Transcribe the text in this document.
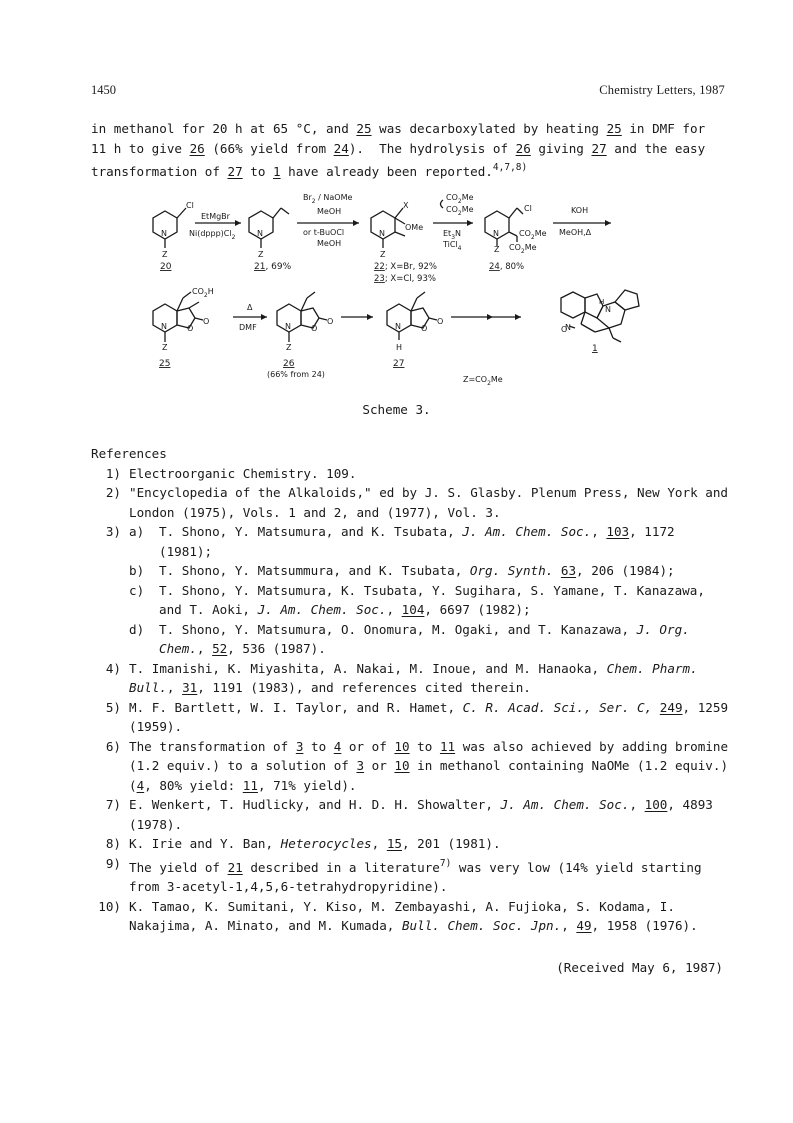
1450	Chemistry Letters, 1987
in methanol for 20 h at 65 °C, and 25 was decarboxylated by heating 25 in DMF for
11 h to give 26 (66% yield from 24).  The hydrolysis of 26 giving 27 and the easy
transformation of 27 to 1 have already been reported.$^{4,7,8)}$
N
Z
Cl
20
EtMgBr
$Ni(dppp)Cl_2$	N
Z
21, 69%
$Br_2$ / NaOMe
MeOH
or t-BuOCl
MeOH
N
Z
X
OMe
22; X=Br, 92%
23; X=Cl, 93%
$CO_2Me$
$CO_2Me$
$Et_3N$
TiCl$_4$
N
Z
Cl
$CO_2Me$
$CO_2Me$
24, 80%
KOH
MeOH,Δ
N
Z
O
O
$CO_2H$
25
Δ
DMF	N
Z
O
O
26
(66% from 24)
N
H
O
O
27
N
O
N
H
1
$Z=CO_2Me$
Scheme 3.
References
1) Electroorganic Chemistry. 109.
2) "Encyclopedia of the Alkaloids," ed by J. S. Glasby. Plenum Press, New York and London (1975), Vols. 1 and 2, and (1977), Vol. 3.
3) a) T. Shono, Y. Matsumura, and K. Tsubata, J. Am. Chem. Soc., 103, 1172 (1981);
b) T. Shono, Y. Matsummura, and K. Tsubata, Org. Synth. 63, 206 (1984);
c) T. Shono, Y. Matsumura, K. Tsubata, Y. Sugihara, S. Yamane, T. Kanazawa, and T. Aoki, J. Am. Chem. Soc., 104, 6697 (1982);
d) T. Shono, Y. Matsumura, O. Onomura, M. Ogaki, and T. Kanazawa, J. Org. Chem., 52, 536 (1987).
4) T. Imanishi, K. Miyashita, A. Nakai, M. Inoue, and M. Hanaoka, Chem. Pharm. Bull., 31, 1191 (1983), and references cited therein.
5) M. F. Bartlett, W. I. Taylor, and R. Hamet, C. R. Acad. Sci., Ser. C, 249, 1259 (1959).
6) The transformation of 3 to 4 or of 10 to 11 was also achieved by adding bromine (1.2 equiv.) to a solution of 3 or 10 in methanol containing NaOMe (1.2 equiv.) (4, 80% yield: 11, 71% yield).
7) E. Wenkert, T. Hudlicky, and H. D. H. Showalter, J. Am. Chem. Soc., 100, 4893 (1978).
8) K. Irie and Y. Ban, Heterocycles, 15, 201 (1981).
9) The yield of 21 described in a literature$^{7)}$ was very low (14% yield starting from 3-acetyl-1,4,5,6-tetrahydropyridine).
10) K. Tamao, K. Sumitani, Y. Kiso, M. Zembayashi, A. Fujioka, S. Kodama, I. Nakajima, A. Minato, and M. Kumada, Bull. Chem. Soc. Jpn., 49, 1958 (1976).
(Received May 6, 1987)
